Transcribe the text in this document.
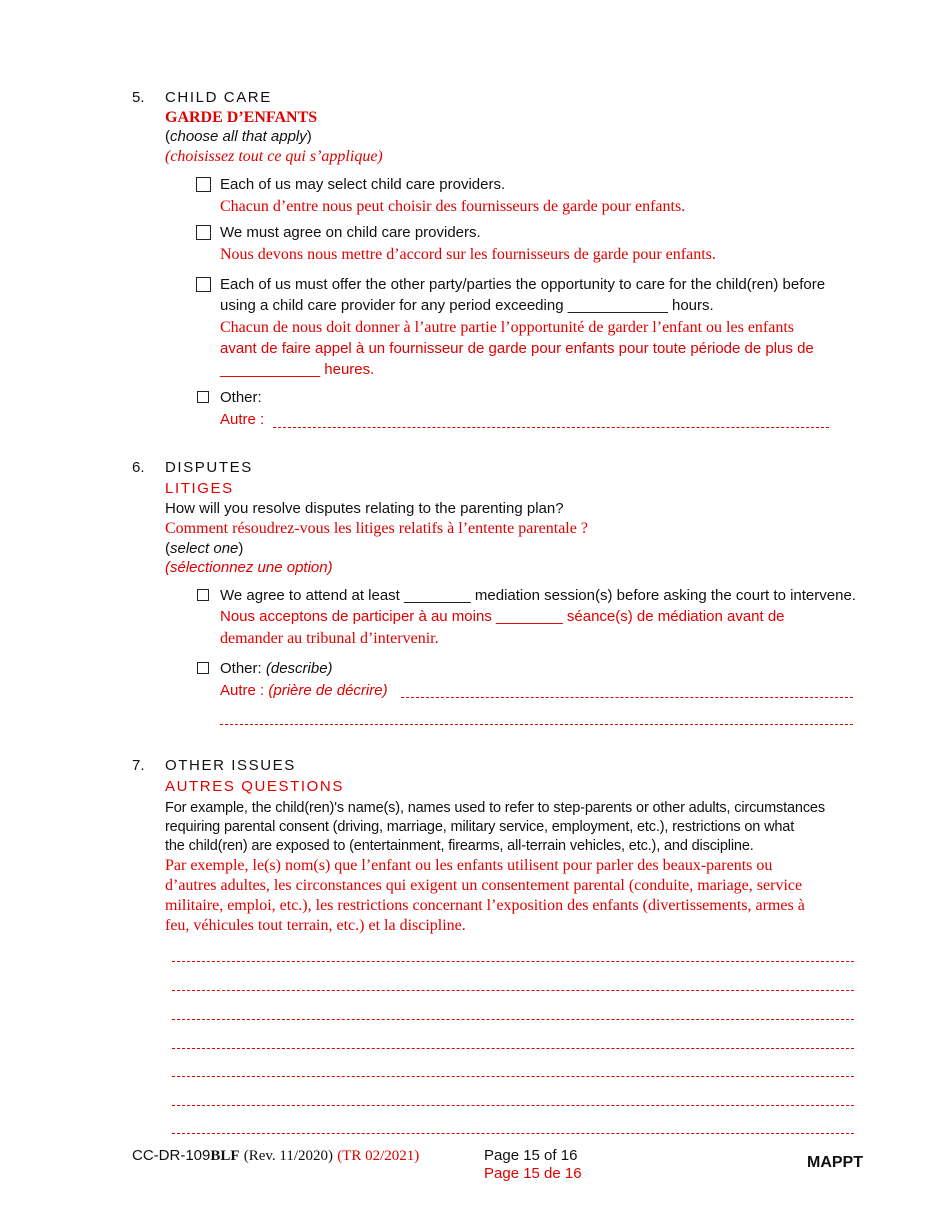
5. CHILD CARE
GARDE D’ENFANTS
(choose all that apply)
(choisissez tout ce qui s’applique)
Each of us may select child care providers.
Chacun d’entre nous peut choisir des fournisseurs de garde pour enfants.
We must agree on child care providers.
Nous devons nous mettre d’accord sur les fournisseurs de garde pour enfants.
Each of us must offer the other party/parties the opportunity to care for the child(ren) before
using a child care provider for any period exceeding ____________ hours.
Chacun de nous doit donner à l’autre partie l’opportunité de garder l’enfant ou les enfants
avant de faire appel à un fournisseur de garde pour enfants pour toute période de plus de
____________ heures.
Other:
Autre :
6. DISPUTES
LITIGES
How will you resolve disputes relating to the parenting plan?
Comment résoudrez-vous les litiges relatifs à l’entente parentale ?
(select one)
(sélectionnez une option)
We agree to attend at least ________ mediation session(s) before asking the court to intervene.
Nous acceptons de participer à au moins ________ séance(s) de médiation avant de
demander au tribunal d’intervenir.
Other: (describe)
Autre : (prière de décrire)
7. OTHER ISSUES
AUTRES QUESTIONS
For example, the child(ren)'s name(s), names used to refer to step-parents or other adults, circumstances
requiring parental consent (driving, marriage, military service, employment, etc.), restrictions on what
the child(ren) are exposed to (entertainment, firearms, all-terrain vehicles, etc.), and discipline.
Par exemple, le(s) nom(s) que l’enfant ou les enfants utilisent pour parler des beaux-parents ou
d’autres adultes, les circonstances qui exigent un consentement parental (conduite, mariage, service
militaire, emploi, etc.), les restrictions concernant l’exposition des enfants (divertissements, armes à
feu, véhicules tout terrain, etc.) et la discipline.
CC-DR-109BLF (Rev. 11/2020) (TR 02/2021)	Page 15 of 16
Page 15 de 16
MAPPT
